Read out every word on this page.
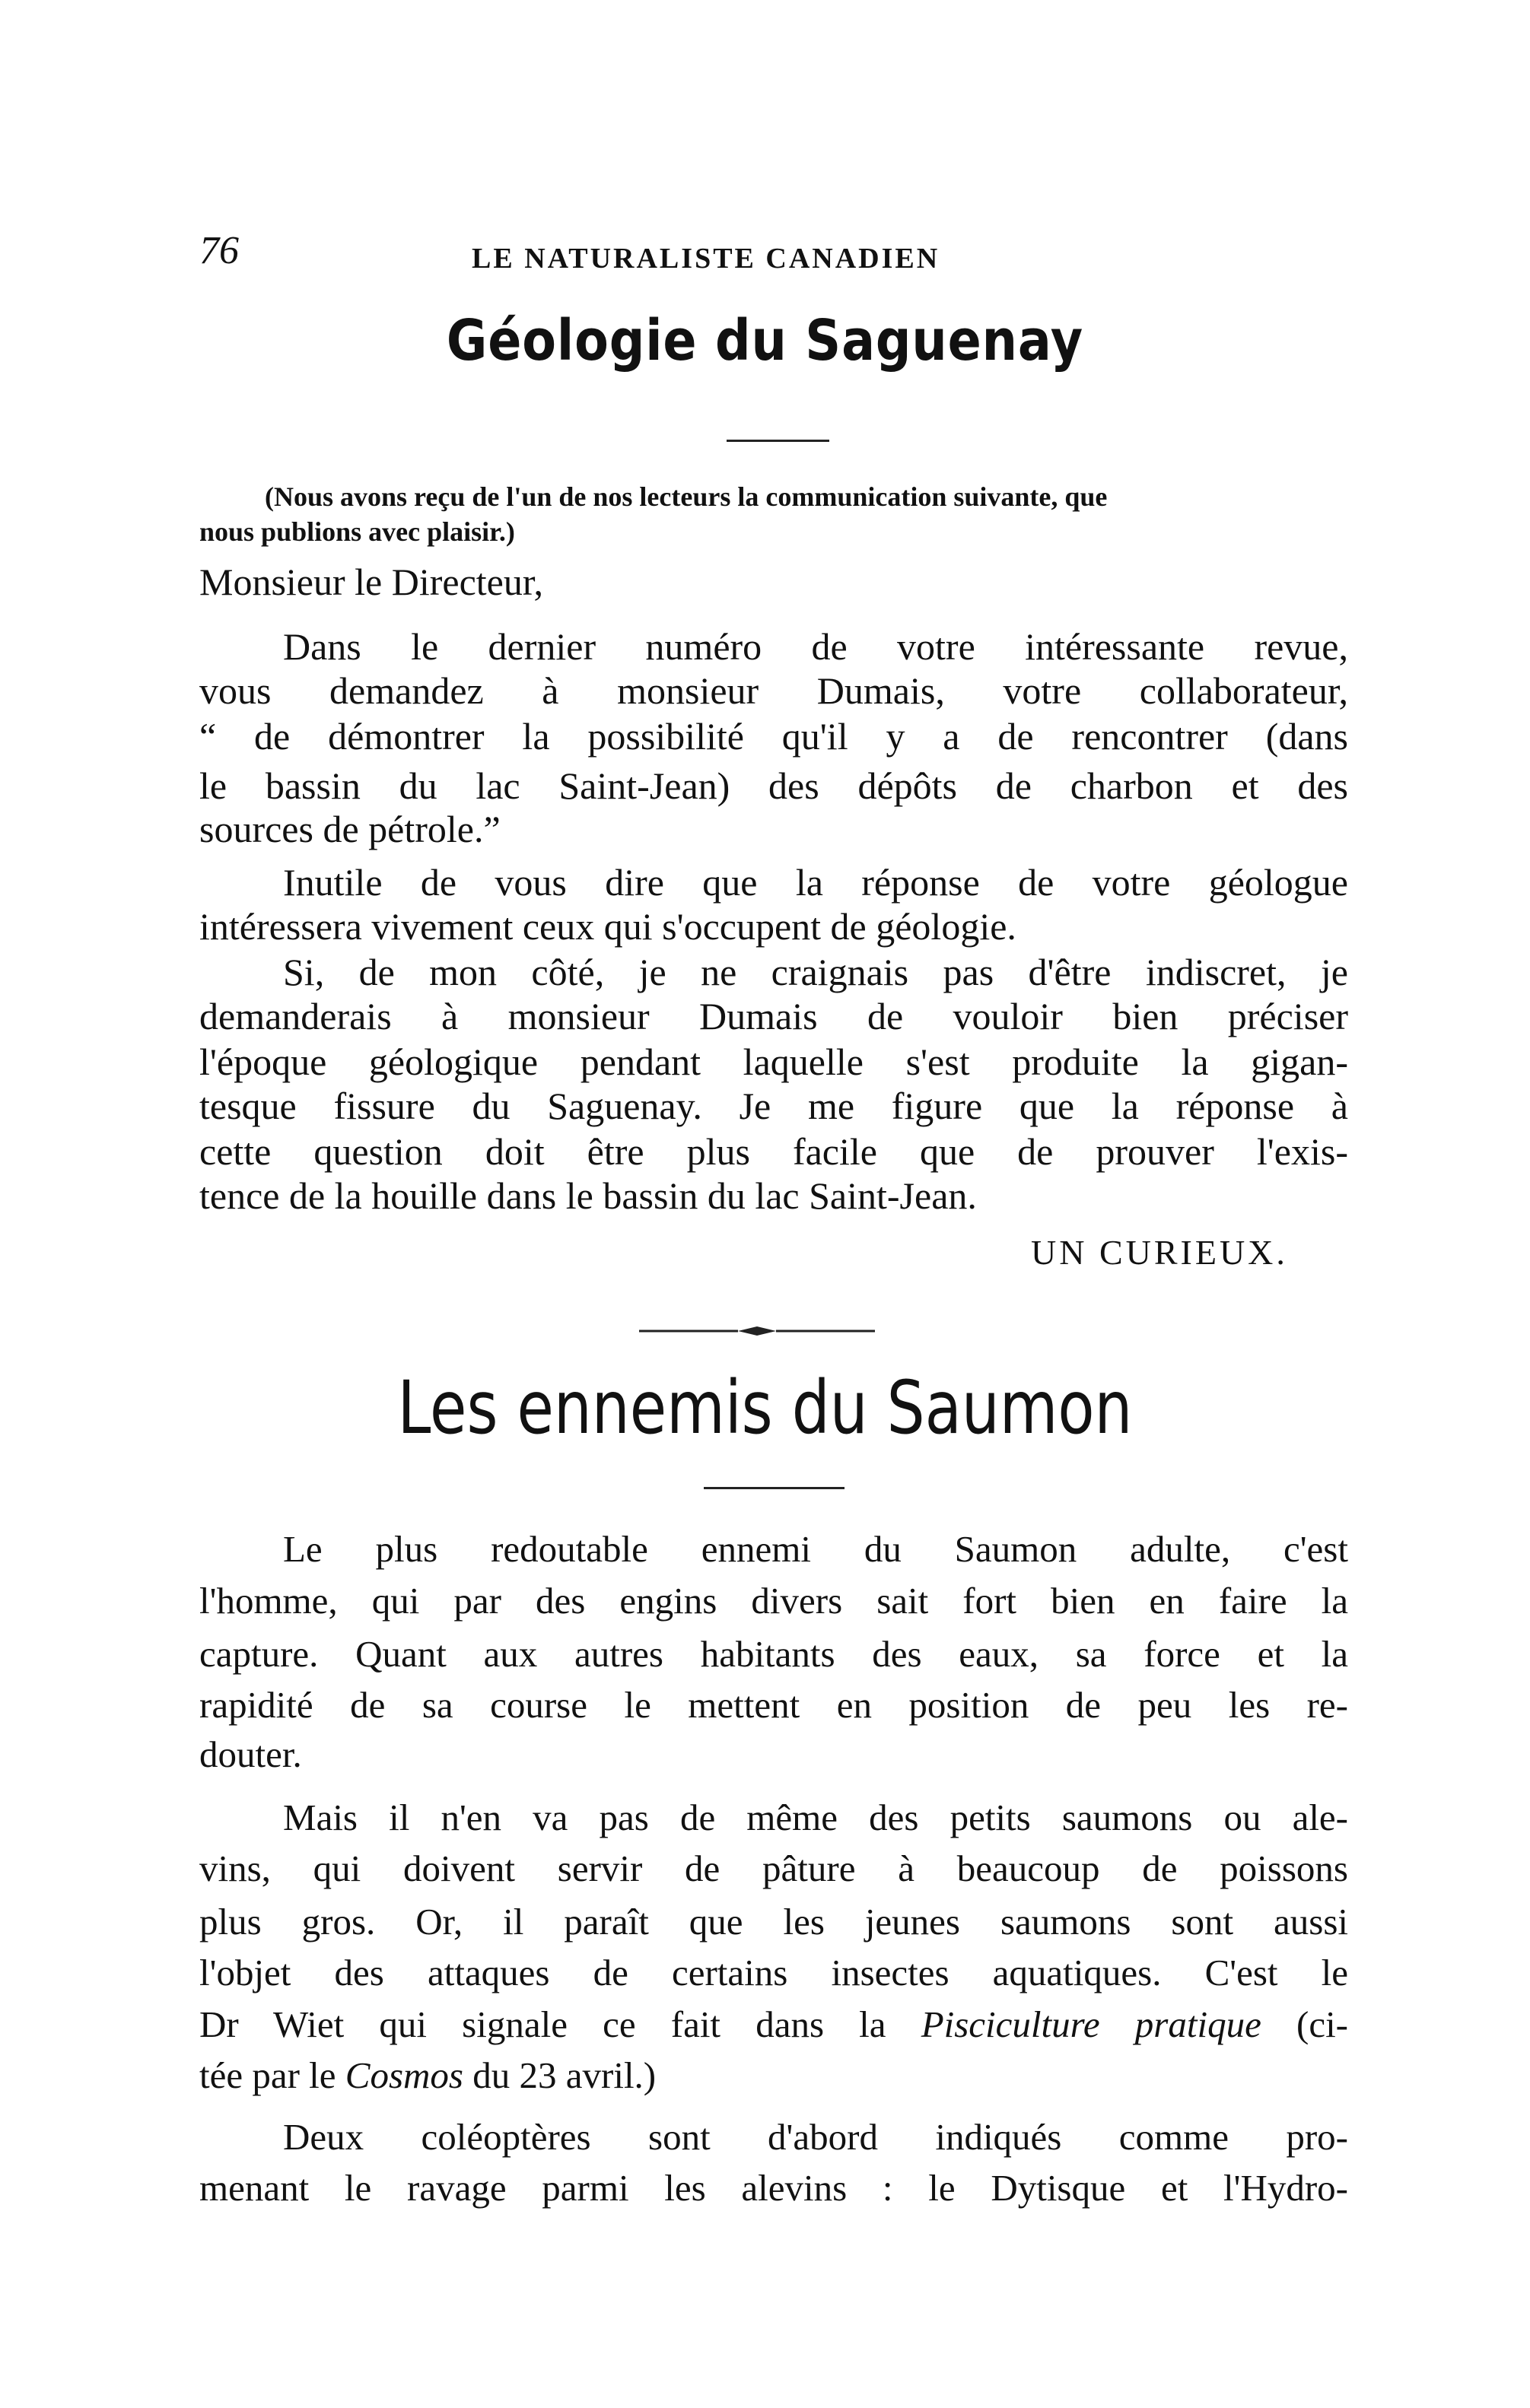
76	LE NATURALISTE CANADIEN
Géologie du Saguenay
(Nous avons reçu de l'un de nos lecteurs la communication suivante, que
nous publions avec plaisir.)
Monsieur le Directeur,
Dans le dernier numéro de votre intéressante revue,
vous demandez à monsieur Dumais, votre collaborateur,
“ de démontrer la possibilité qu'il y a de rencontrer (dans
le bassin du lac Saint-Jean) des dépôts de charbon et des
sources de pétrole.”
Inutile de vous dire que la réponse de votre géologue
intéressera vivement ceux qui s'occupent de géologie.
Si, de mon côté, je ne craignais pas d'être indiscret, je
demanderais à monsieur Dumais de vouloir bien préciser
l'époque géologique pendant laquelle s'est produite la gigan-
tesque fissure du Saguenay. Je me figure que la réponse à
cette question doit être plus facile que de prouver l'exis-
tence de la houille dans le bassin du lac Saint-Jean.
UN CURIEUX.
Les ennemis du Saumon
Le plus redoutable ennemi du Saumon adulte, c'est
l'homme, qui par des engins divers sait fort bien en faire la
capture. Quant aux autres habitants des eaux, sa force et la
rapidité de sa course le mettent en position de peu les re-
douter.
Mais il n'en va pas de même des petits saumons ou ale-
vins, qui doivent servir de pâture à beaucoup de poissons
plus gros. Or, il paraît que les jeunes saumons sont aussi
l'objet des attaques de certains insectes aquatiques. C'est le
Dr Wiet qui signale ce fait dans la Pisciculture pratique (ci-
tée par le Cosmos du 23 avril.)
Deux coléoptères sont d'abord indiqués comme pro-
menant le ravage parmi les alevins : le Dytisque et l'Hydro-
